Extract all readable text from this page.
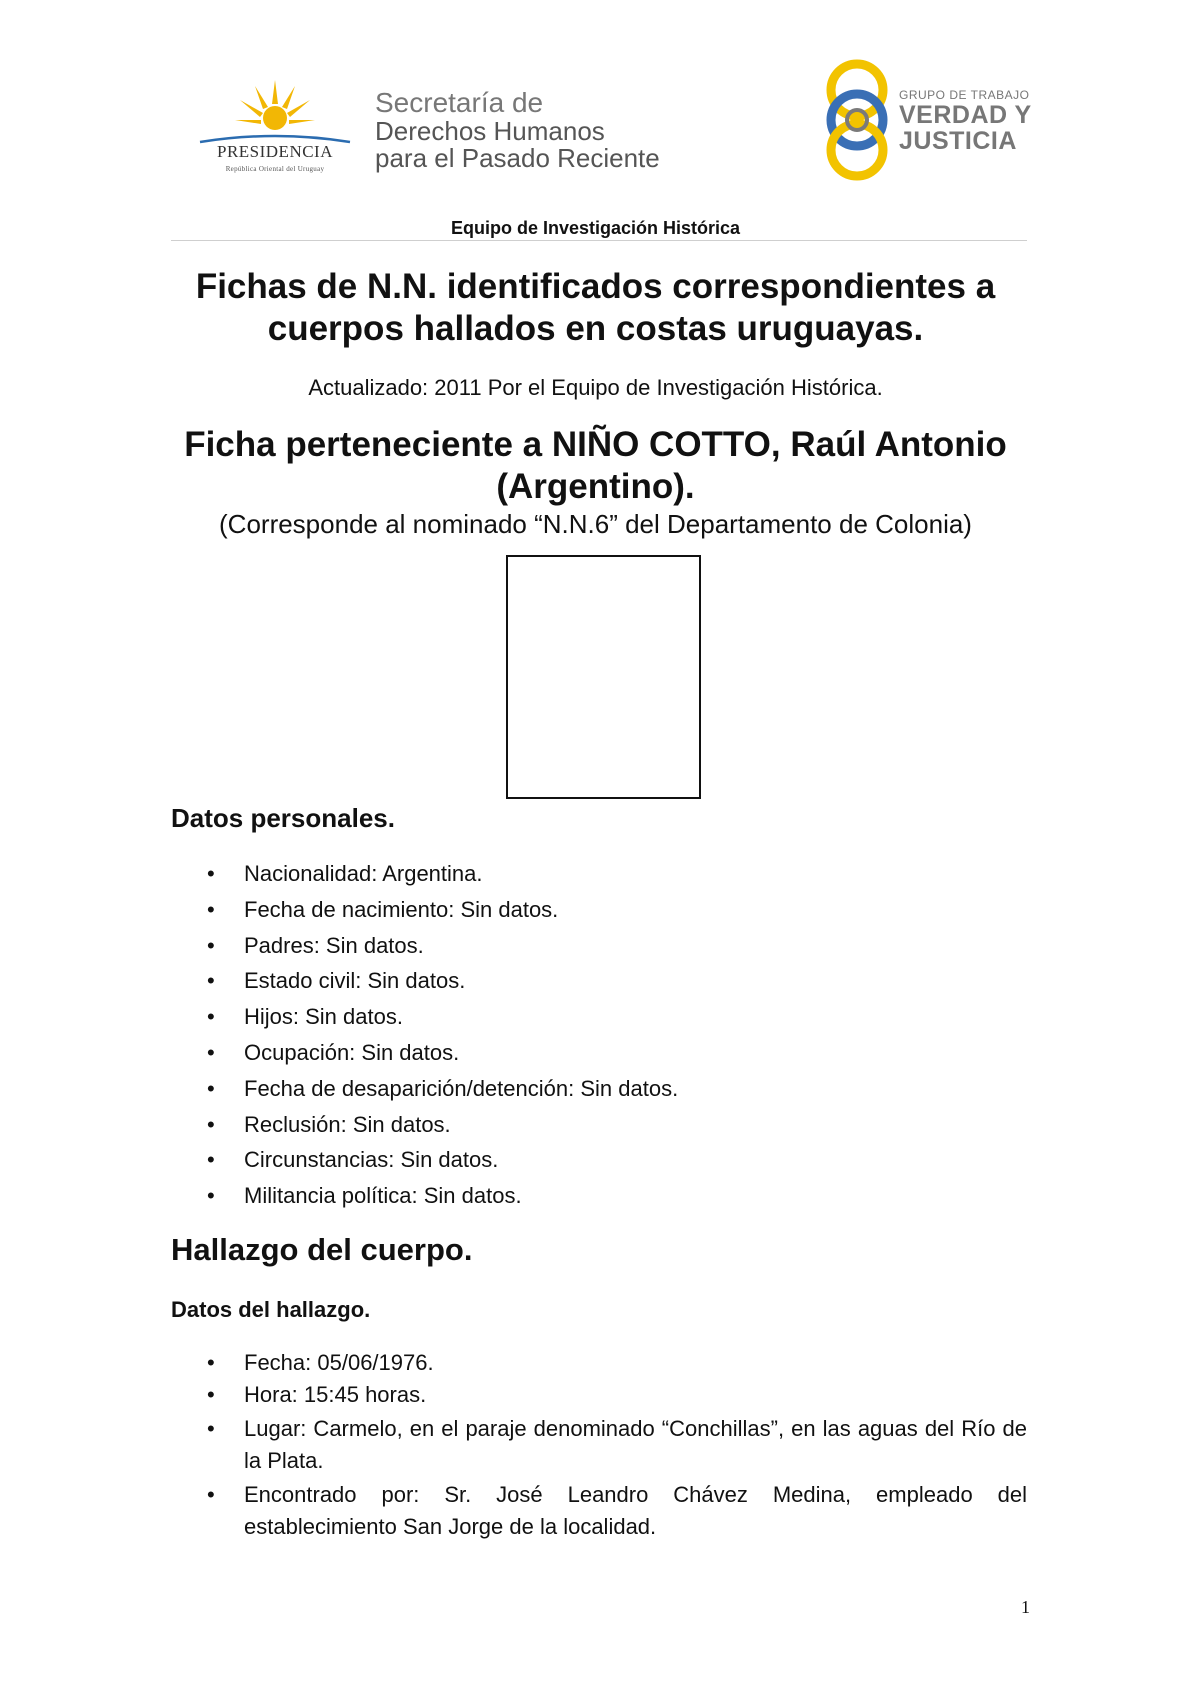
PRESIDENCIA
República Oriental del Uruguay
Secretaría de
Derechos Humanos
para el Pasado Reciente
GRUPO DE TRABAJO
VERDAD Y
JUSTICIA
Equipo de Investigación Histórica
Fichas de N.N. identificados correspondientes a cuerpos hallados en costas uruguayas.
Actualizado: 2011 Por el Equipo de Investigación Histórica.
Ficha perteneciente a NIÑO COTTO, Raúl Antonio (Argentino).
(Corresponde al nominado “N.N.6” del Departamento de Colonia)
Datos personales.
• Nacionalidad: Argentina.
• Fecha de nacimiento: Sin datos.
• Padres: Sin datos.
• Estado civil: Sin datos.
• Hijos: Sin datos.
• Ocupación: Sin datos.
• Fecha de desaparición/detención: Sin datos.
• Reclusión: Sin datos.
• Circunstancias: Sin datos.
• Militancia política: Sin datos.
Hallazgo del cuerpo.
Datos del hallazgo.
• Fecha: 05/06/1976.
• Hora: 15:45 horas.
• Lugar: Carmelo, en el paraje denominado “Conchillas”, en las aguas del Río de la Plata.
• Encontrado por: Sr. José Leandro Chávez Medina, empleado del establecimiento San Jorge de la localidad.
1
